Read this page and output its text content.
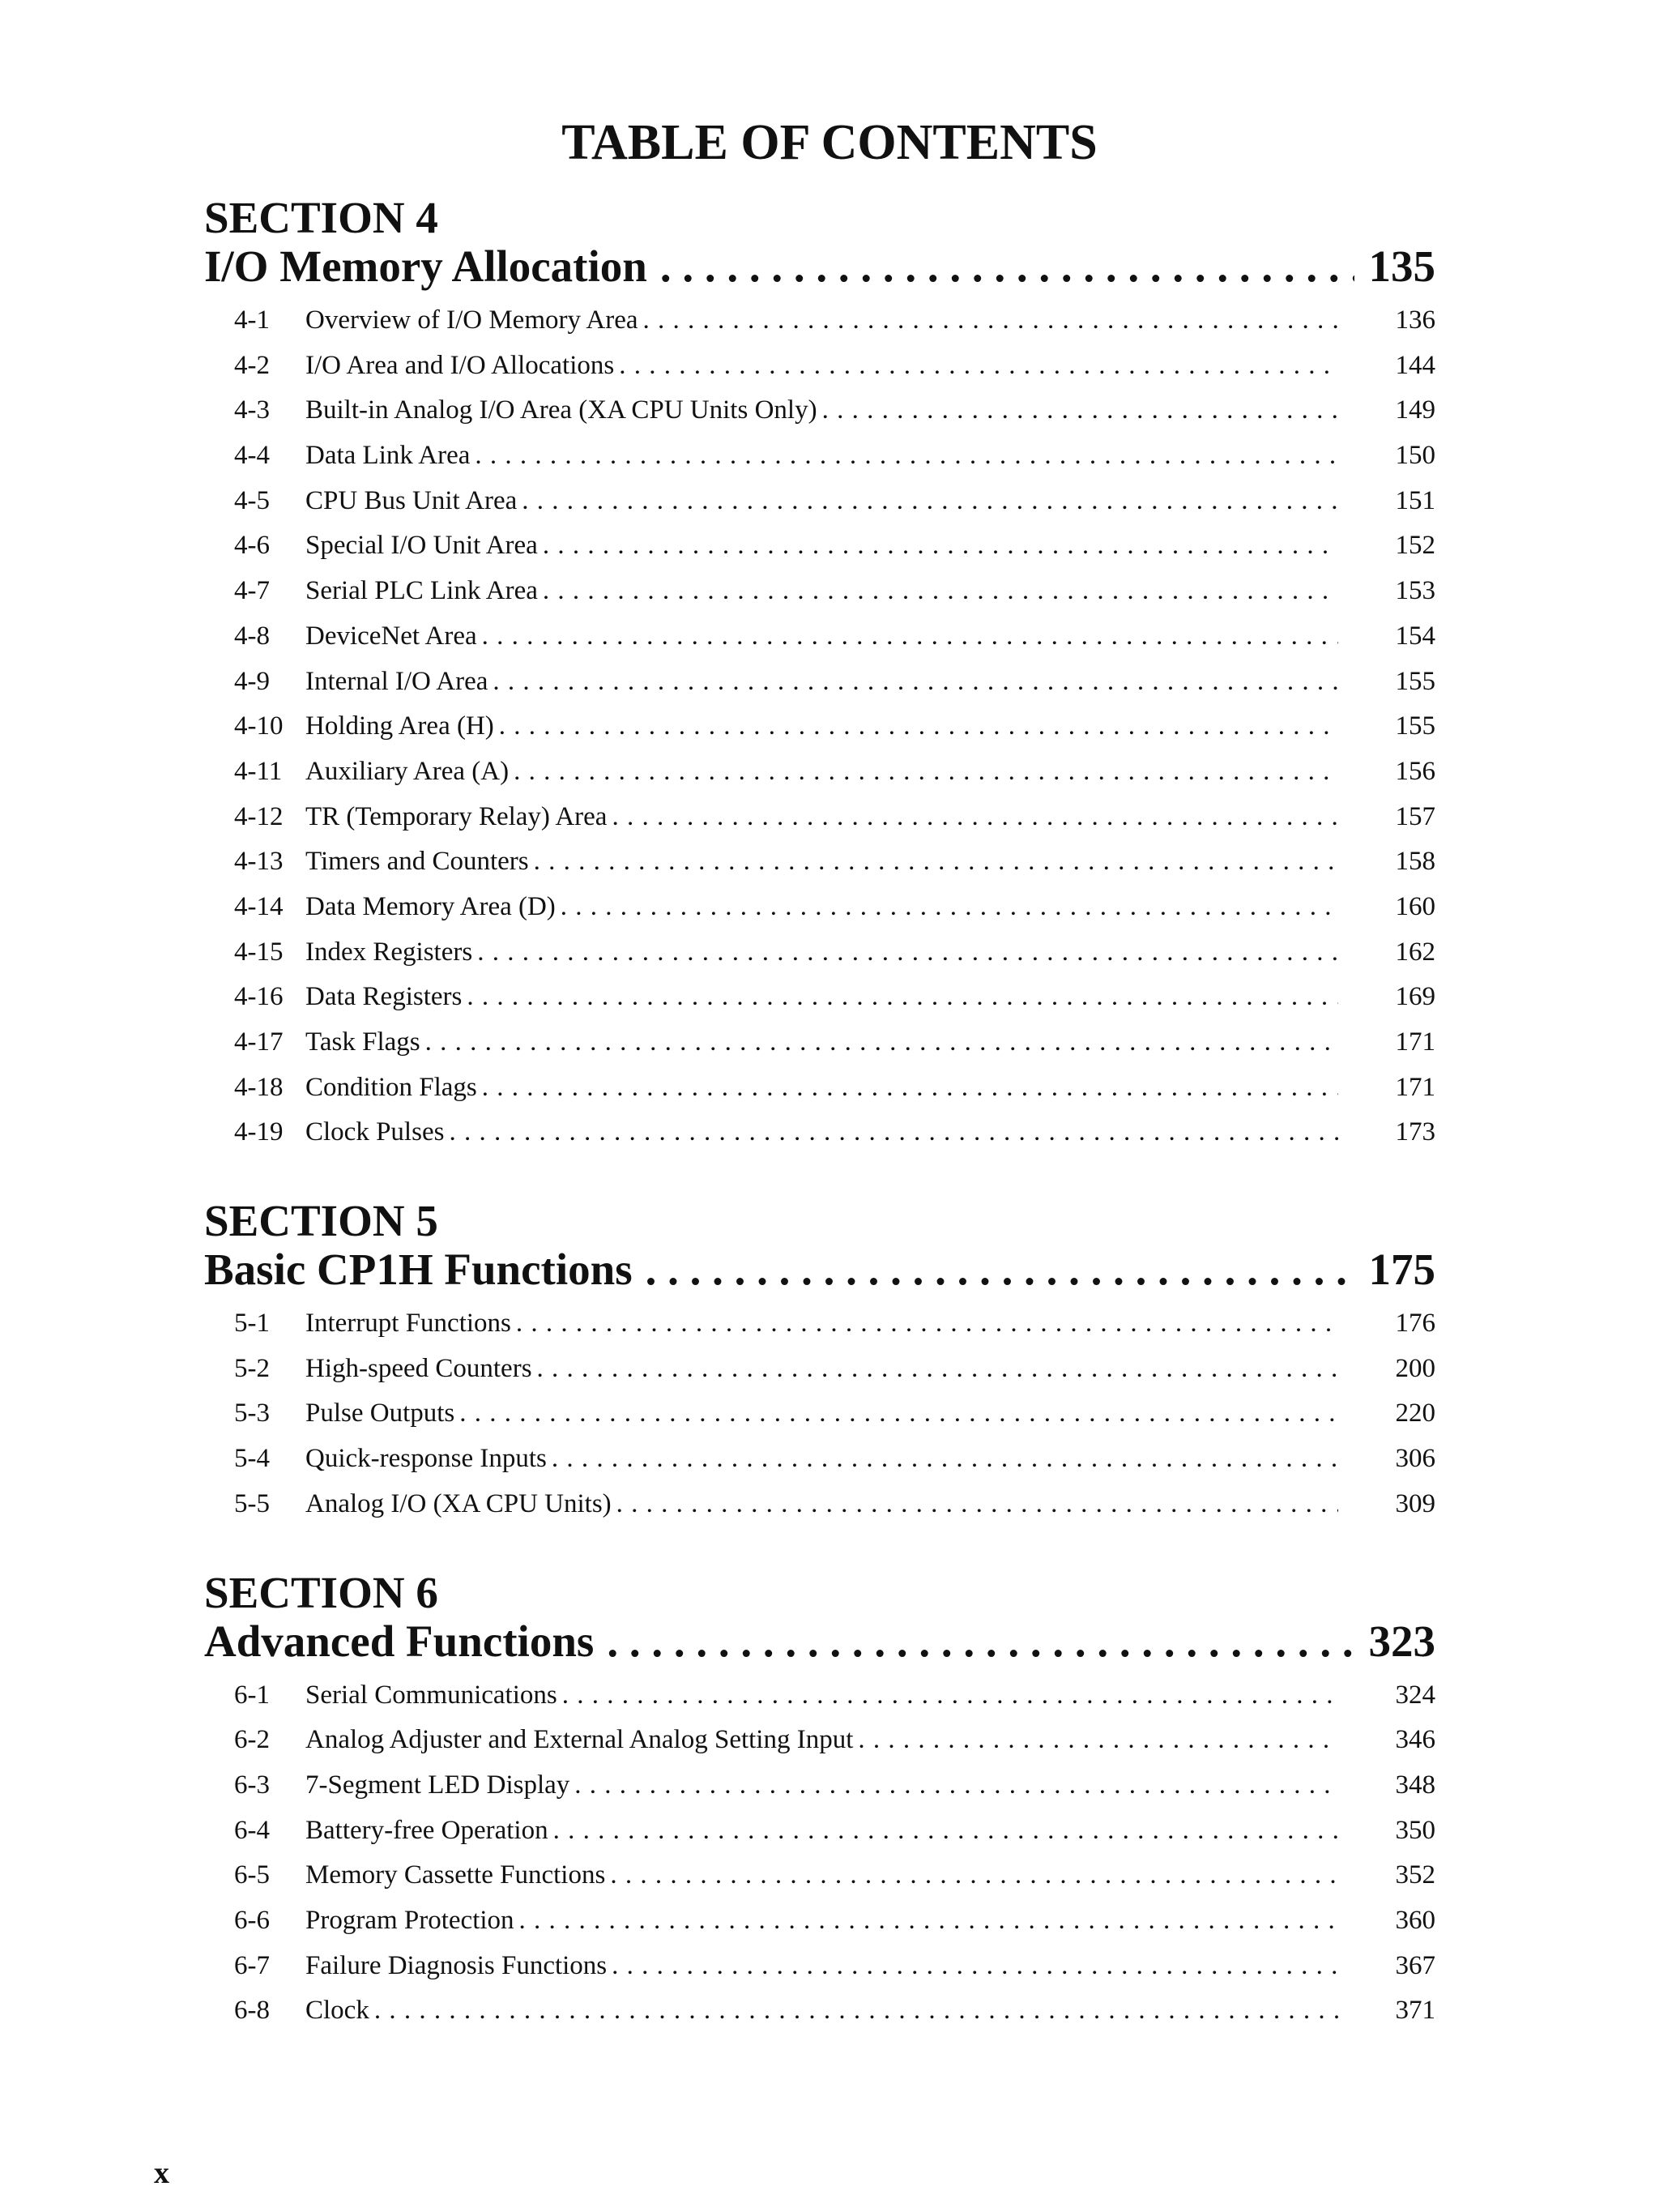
TABLE OF CONTENTS
SECTION 4
I/O Memory Allocation . . .	135
4-1	Overview of I/O Memory Area . . .	136
4-2	I/O Area and I/O Allocations . . .	144
4-3	Built-in Analog I/O Area (XA CPU Units Only) . . .	149
4-4	Data Link Area . . .	150
4-5	CPU Bus Unit Area . . .	151
4-6	Special I/O Unit Area . . .	152
4-7	Serial PLC Link Area . . .	153
4-8	DeviceNet Area . . .	154
4-9	Internal I/O Area . . .	155
4-10 Holding Area (H) . . .	155
4-11 Auxiliary Area (A) . . .	156
4-12 TR (Temporary Relay) Area . . .	157
4-13 Timers and Counters . . .	158
4-14 Data Memory Area (D) . . .	160
4-15 Index Registers . . .	162
4-16 Data Registers . . .	169
4-17 Task Flags . . .	171
4-18 Condition Flags . . .	171
4-19 Clock Pulses . . .	173
SECTION 5
Basic CP1H Functions . . .	175
5-1	Interrupt Functions . . .	176
5-2	High-speed Counters . . .	200
5-3	Pulse Outputs . . .	220
5-4	Quick-response Inputs . . .	306
5-5	Analog I/O (XA CPU Units) . . .	309
SECTION 6
Advanced Functions . . .	323
6-1	Serial Communications . . .	324
6-2	Analog Adjuster and External Analog Setting Input . . .	346
6-3	7-Segment LED Display . . .	348
6-4	Battery-free Operation . . .	350
6-5	Memory Cassette Functions . . .	352
6-6	Program Protection . . .	360
6-7	Failure Diagnosis Functions . . .	367
6-8	Clock . . .	371
x
